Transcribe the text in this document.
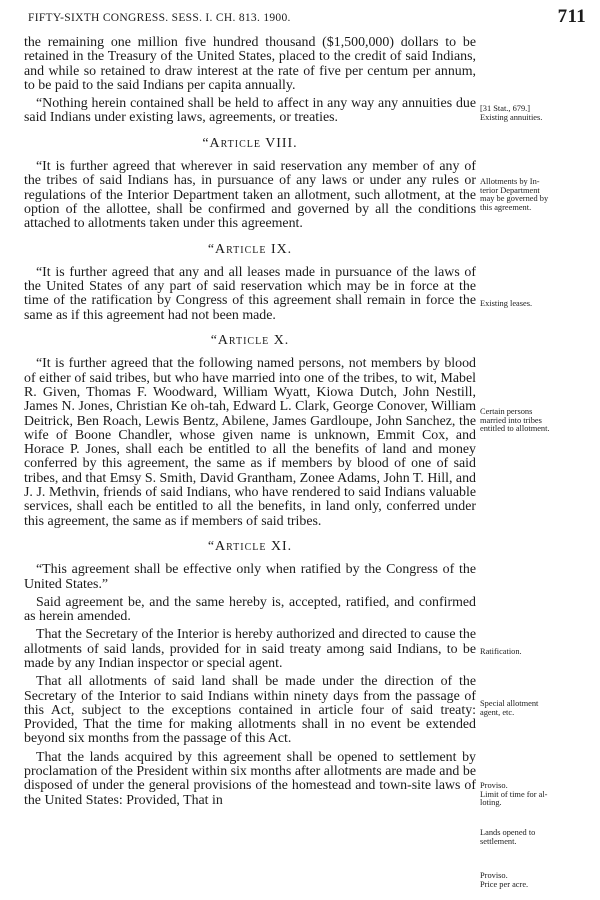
FIFTY-SIXTH CONGRESS. SESS. I. CH. 813. 1900.	711

the remaining one million five hundred thousand ($1,500,000) dollars to be retained in the Treasury of the United States, placed to the credit of said Indians, and while so retained to draw interest at the rate of five per centum per annum, to be paid to the said Indians per capita annually.

“Nothing herein contained shall be held to affect in any way any annuities due said Indians under existing laws, agreements, or treaties.

“Article VIII.

“It is further agreed that wherever in said reservation any member of any of the tribes of said Indians has, in pursuance of any laws or under any rules or regulations of the Interior Department taken an allotment, such allotment, at the option of the allottee, shall be confirmed and governed by all the conditions attached to allotments taken under this agreement.

“Article IX.

“It is further agreed that any and all leases made in pursuance of the laws of the United States of any part of said reservation which may be in force at the time of the ratification by Congress of this agreement shall remain in force the same as if this agreement had not been made.

“Article X.

“It is further agreed that the following named persons, not members by blood of either of said tribes, but who have married into one of the tribes, to wit, Mabel R. Given, Thomas F. Woodward, William Wyatt, Kiowa Dutch, John Nestill, James N. Jones, Christian Ke oh-tah, Edward L. Clark, George Conover, William Deitrick, Ben Roach, Lewis Bentz, Abilene, James Gardloupe, John Sanchez, the wife of Boone Chandler, whose given name is unknown, Emmit Cox, and Horace P. Jones, shall each be entitled to all the benefits of land and money conferred by this agreement, the same as if members by blood of one of said tribes, and that Emsy S. Smith, David Grantham, Zonee Adams, John T. Hill, and J. J. Methvin, friends of said Indians, who have rendered to said Indians valuable services, shall each be entitled to all the benefits, in land only, conferred under this agreement, the same as if members of said tribes.

“Article XI.

“This agreement shall be effective only when ratified by the Congress of the United States.”

Said agreement be, and the same hereby is, accepted, ratified, and confirmed as herein amended.

That the Secretary of the Interior is hereby authorized and directed to cause the allotments of said lands, provided for in said treaty among said Indians, to be made by any Indian inspector or special agent.

That all allotments of said land shall be made under the direction of the Secretary of the Interior to said Indians within ninety days from the passage of this Act, subject to the exceptions contained in article four of said treaty: Provided, That the time for making allotments shall in no event be extended beyond six months from the passage of this Act.

That the lands acquired by this agreement shall be opened to settlement by proclamation of the President within six months after allotments are made and be disposed of under the general provisions of the homestead and town-site laws of the United States: Provided, That in

[31 Stat., 679.]
Existing annuities.
Allotments by In-
terior Department
may be governed by
this agreement.
Existing leases.
Certain persons
married into tribes
entitled to allotment.
Ratification.
Special allotment
agent, etc.
Proviso.
Limit of time for al-
loting.
Lands opened to
settlement.
Proviso.
Price per acre.
